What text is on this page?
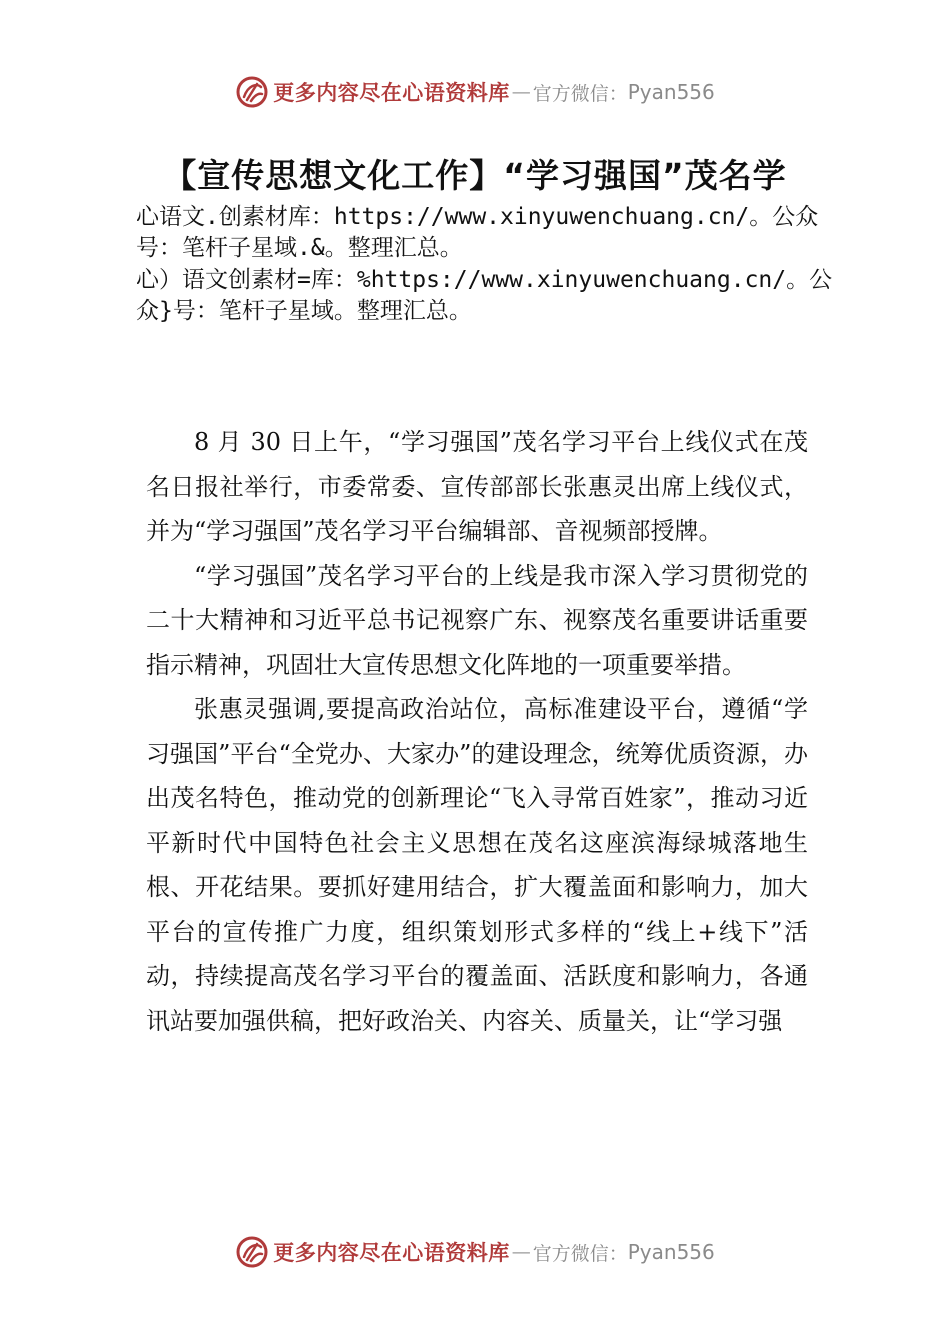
更多内容尽在心语资料库 — 官方微信： Pyan556
【宣传思想文化工作】“学习强国”茂名学
心语文.创素材库：https://www.xinyuwenchuang.cn/。公众号：笔杆子星域.&。整理汇总。
心）语文创素材=库：%https://www.xinyuwenchuang.cn/。公众}号：笔杆子星域。整理汇总。

8 月 30 日上午，“学习强国”茂名学习平台上线仪式在茂名日报社举行，市委常委、宣传部部长张惠灵出席上线仪式，并为“学习强国”茂名学习平台编辑部、音视频部授牌。

“学习强国”茂名学习平台的上线是我市深入学习贯彻党的二十大精神和习近平总书记视察广东、视察茂名重要讲话重要指示精神，巩固壮大宣传思想文化阵地的一项重要举措。

张惠灵强调,要提高政治站位，高标准建设平台，遵循“学习强国”平台“全党办、大家办”的建设理念，统筹优质资源，办出茂名特色，推动党的创新理论“飞入寻常百姓家”，推动习近平新时代中国特色社会主义思想在茂名这座滨海绿城落地生根、开花结果。要抓好建用结合，扩大覆盖面和影响力，加大平台的宣传推广力度，组织策划形式多样的“线上+线下”活动，持续提高茂名学习平台的覆盖面、活跃度和影响力，各通讯站要加强供稿，把好政治关、内容关、质量关，让“学习强

更多内容尽在心语资料库 — 官方微信： Pyan556
